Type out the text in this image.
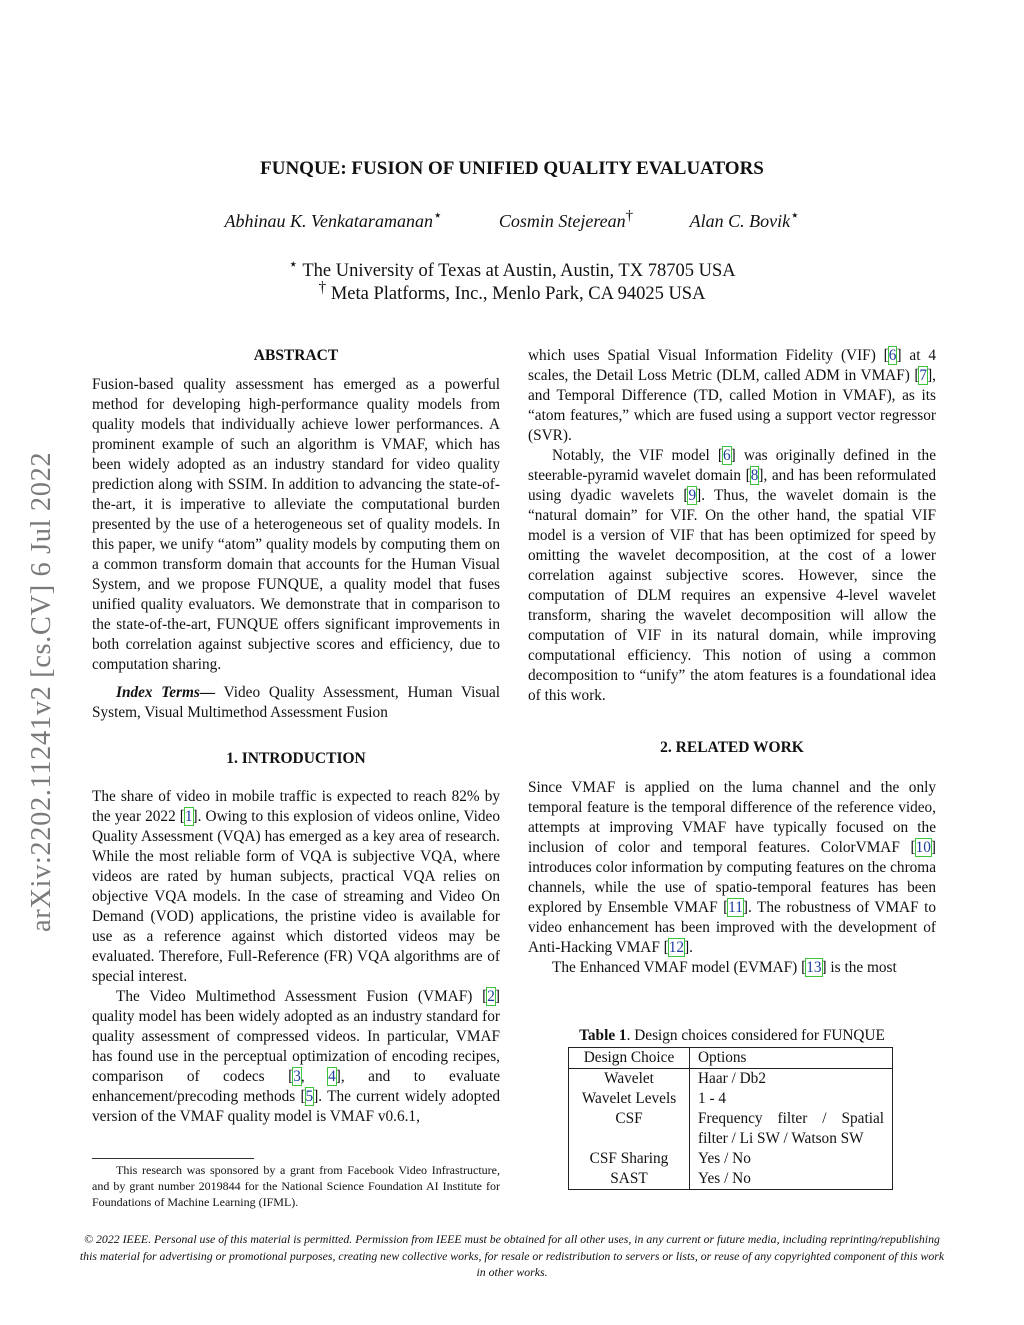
arXiv:2202.11241v2 [cs.CV] 6 Jul 2022
FUNQUE: FUSION OF UNIFIED QUALITY EVALUATORS
Abhinau K. Venkataramanan⋆	Cosmin Stejerean†	Alan C. Bovik⋆
⋆ The University of Texas at Austin, Austin, TX 78705 USA
† Meta Platforms, Inc., Menlo Park, CA 94025 USA
ABSTRACT

Fusion-based quality assessment has emerged as a powerful method for developing high-performance quality models from quality models that individually achieve lower performances. A prominent example of such an algorithm is VMAF, which has been widely adopted as an industry standard for video quality prediction along with SSIM. In addition to advancing the state-of-the-art, it is imperative to alleviate the computational burden presented by the use of a heterogeneous set of quality models. In this paper, we unify “atom” quality models by computing them on a common transform domain that accounts for the Human Visual System, and we propose FUNQUE, a quality model that fuses unified quality evaluators. We demonstrate that in comparison to the state-of-the-art, FUNQUE offers significant improvements in both correlation against subjective scores and efficiency, due to computation sharing.

Index Terms— Video Quality Assessment, Human Visual System, Visual Multimethod Assessment Fusion

1. INTRODUCTION

The share of video in mobile traffic is expected to reach 82% by the year 2022 [1]. Owing to this explosion of videos online, Video Quality Assessment (VQA) has emerged as a key area of research. While the most reliable form of VQA is subjective VQA, where videos are rated by human subjects, practical VQA relies on objective VQA models. In the case of streaming and Video On Demand (VOD) applications, the pristine video is available for use as a reference against which distorted videos may be evaluated. Therefore, Full-Reference (FR) VQA algorithms are of special interest.

The Video Multimethod Assessment Fusion (VMAF) [2] quality model has been widely adopted as an industry standard for quality assessment of compressed videos. In particular, VMAF has found use in the perceptual optimization of encoding recipes, comparison of codecs [3, 4], and to evaluate enhancement/precoding methods [5]. The current widely adopted version of the VMAF quality model is VMAF v0.6.1,

This research was sponsored by a grant from Facebook Video Infrastructure, and by grant number 2019844 for the National Science Foundation AI Institute for Foundations of Machine Learning (IFML).

which uses Spatial Visual Information Fidelity (VIF) [6] at 4 scales, the Detail Loss Metric (DLM, called ADM in VMAF) [7], and Temporal Difference (TD, called Motion in VMAF), as its “atom features,” which are fused using a support vector regressor (SVR).

Notably, the VIF model [6] was originally defined in the steerable-pyramid wavelet domain [8], and has been reformulated using dyadic wavelets [9]. Thus, the wavelet domain is the “natural domain” for VIF. On the other hand, the spatial VIF model is a version of VIF that has been optimized for speed by omitting the wavelet decomposition, at the cost of a lower correlation against subjective scores. However, since the computation of DLM requires an expensive 4-level wavelet transform, sharing the wavelet decomposition will allow the computation of VIF in its natural domain, while improving computational efficiency. This notion of using a common decomposition to “unify” the atom features is a foundational idea of this work.

2. RELATED WORK

Since VMAF is applied on the luma channel and the only temporal feature is the temporal difference of the reference video, attempts at improving VMAF have typically focused on the inclusion of color and temporal features. ColorVMAF [10] introduces color information by computing features on the chroma channels, while the use of spatio-temporal features has been explored by Ensemble VMAF [11]. The robustness of VMAF to video enhancement has been improved with the development of Anti-Hacking VMAF [12].

The Enhanced VMAF model (EVMAF) [13] is the most

Table 1. Design choices considered for FUNQUE
Design Choice	Options
Wavelet	Haar / Db2
Wavelet Levels	1 - 4
CSF	Frequency filter / Spatial filter / Li SW / Watson SW
CSF Sharing	Yes / No
SAST	Yes / No
© 2022 IEEE. Personal use of this material is permitted. Permission from IEEE must be obtained for all other uses, in any current or future media, including reprinting/republishing this material for advertising or promotional purposes, creating new collective works, for resale or redistribution to servers or lists, or reuse of any copyrighted component of this work in other works.
